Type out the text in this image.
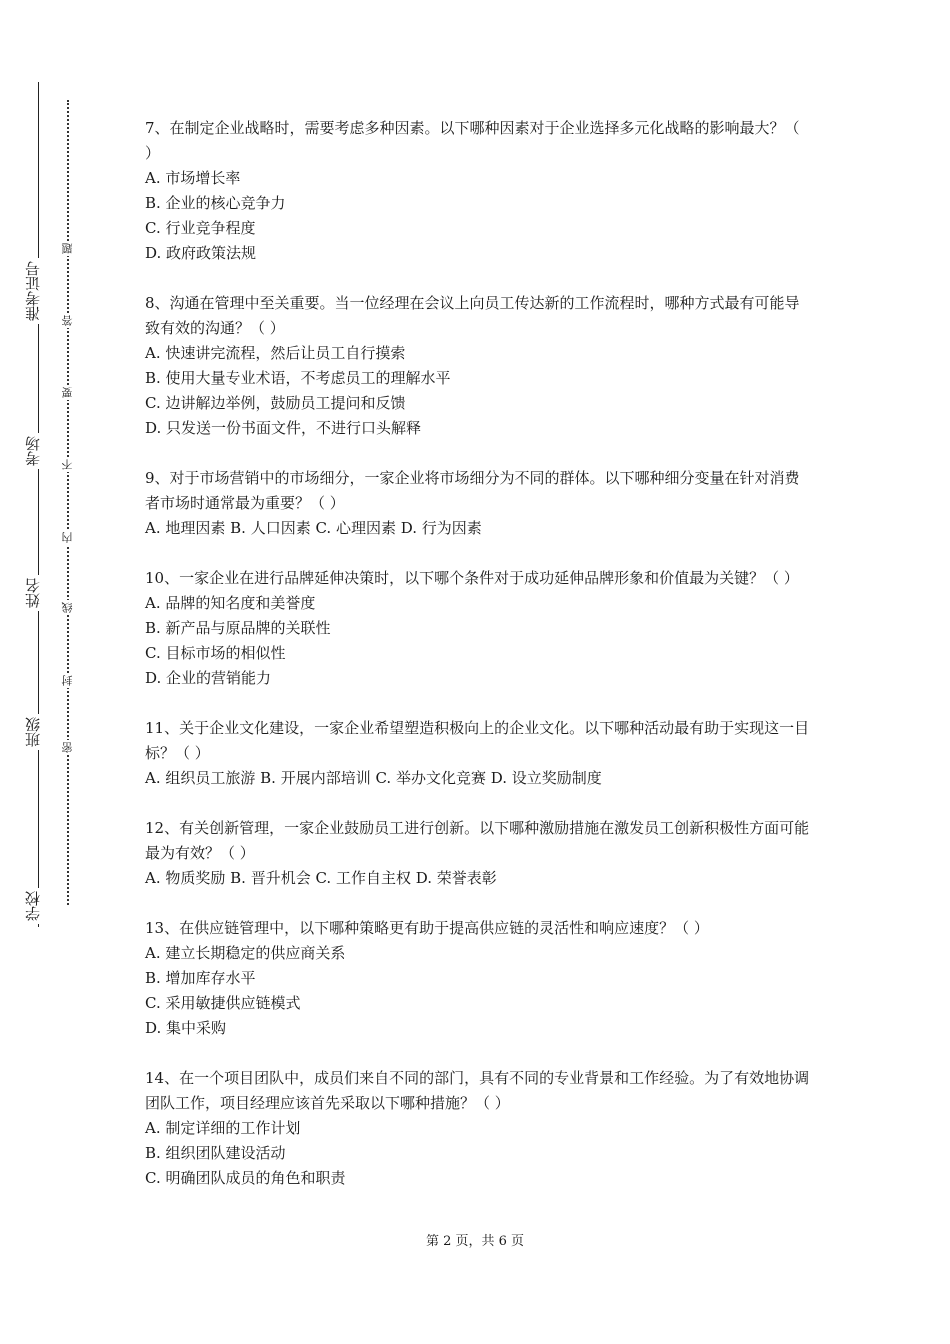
学校
班级
姓名
考场
准考证号
密
封
线
内
不
要
答
题

7、在制定企业战略时，需要考虑多种因素。以下哪种因素对于企业选择多元化战略的影响最大？（ ）

A. 市场增长率

B. 企业的核心竞争力

C. 行业竞争程度

D. 政府政策法规

8、沟通在管理中至关重要。当一位经理在会议上向员工传达新的工作流程时，哪种方式最有可能导致有效的沟通？（ ）

A. 快速讲完流程，然后让员工自行摸索

B. 使用大量专业术语，不考虑员工的理解水平

C. 边讲解边举例，鼓励员工提问和反馈

D. 只发送一份书面文件，不进行口头解释

9、对于市场营销中的市场细分，一家企业将市场细分为不同的群体。以下哪种细分变量在针对消费者市场时通常最为重要？（ ）

A. 地理因素 B. 人口因素 C. 心理因素 D. 行为因素

10、一家企业在进行品牌延伸决策时，以下哪个条件对于成功延伸品牌形象和价值最为关键？（ ）

A. 品牌的知名度和美誉度

B. 新产品与原品牌的关联性

C. 目标市场的相似性

D. 企业的营销能力

11、关于企业文化建设，一家企业希望塑造积极向上的企业文化。以下哪种活动最有助于实现这一目标？（ ）

A. 组织员工旅游 B. 开展内部培训 C. 举办文化竞赛 D. 设立奖励制度

12、有关创新管理，一家企业鼓励员工进行创新。以下哪种激励措施在激发员工创新积极性方面可能最为有效？（ ）

A. 物质奖励 B. 晋升机会 C. 工作自主权 D. 荣誉表彰

13、在供应链管理中，以下哪种策略更有助于提高供应链的灵活性和响应速度？（ ）

A. 建立长期稳定的供应商关系

B. 增加库存水平

C. 采用敏捷供应链模式

D. 集中采购

14、在一个项目团队中，成员们来自不同的部门，具有不同的专业背景和工作经验。为了有效地协调团队工作，项目经理应该首先采取以下哪种措施？（ ）

A. 制定详细的工作计划

B. 组织团队建设活动

C. 明确团队成员的角色和职责

第 2 页，共 6 页
